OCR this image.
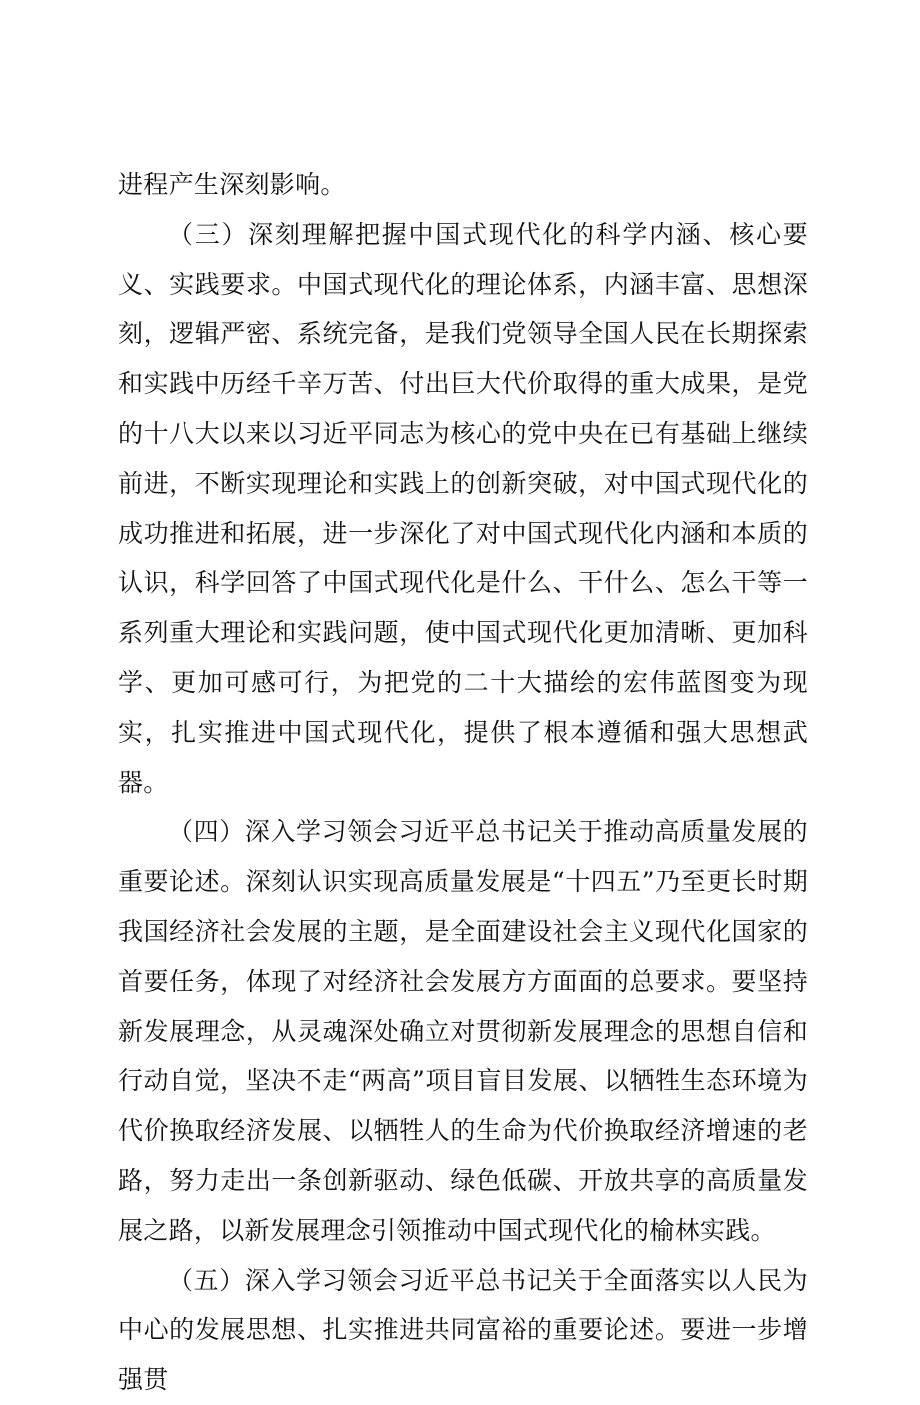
进程产生深刻影响。

（三）深刻理解把握中国式现代化的科学内涵、核心要义、实践要求。中国式现代化的理论体系，内涵丰富、思想深刻，逻辑严密、系统完备，是我们党领导全国人民在长期探索和实践中历经千辛万苦、付出巨大代价取得的重大成果，是党的十八大以来以习近平同志为核心的党中央在已有基础上继续前进，不断实现理论和实践上的创新突破，对中国式现代化的成功推进和拓展，进一步深化了对中国式现代化内涵和本质的认识，科学回答了中国式现代化是什么、干什么、怎么干等一系列重大理论和实践问题，使中国式现代化更加清晰、更加科学、更加可感可行，为把党的二十大描绘的宏伟蓝图变为现实，扎实推进中国式现代化，提供了根本遵循和强大思想武器。

（四）深入学习领会习近平总书记关于推动高质量发展的重要论述。深刻认识实现高质量发展是“十四五”乃至更长时期我国经济社会发展的主题，是全面建设社会主义现代化国家的首要任务，体现了对经济社会发展方方面面的总要求。要坚持新发展理念，从灵魂深处确立对贯彻新发展理念的思想自信和行动自觉，坚决不走“两高”项目盲目发展、以牺牲生态环境为代价换取经济发展、以牺牲人的生命为代价换取经济增速的老路，努力走出一条创新驱动、绿色低碳、开放共享的高质量发展之路，以新发展理念引领推动中国式现代化的榆林实践。

（五）深入学习领会习近平总书记关于全面落实以人民为中心的发展思想、扎实推进共同富裕的重要论述。要进一步增强贯
